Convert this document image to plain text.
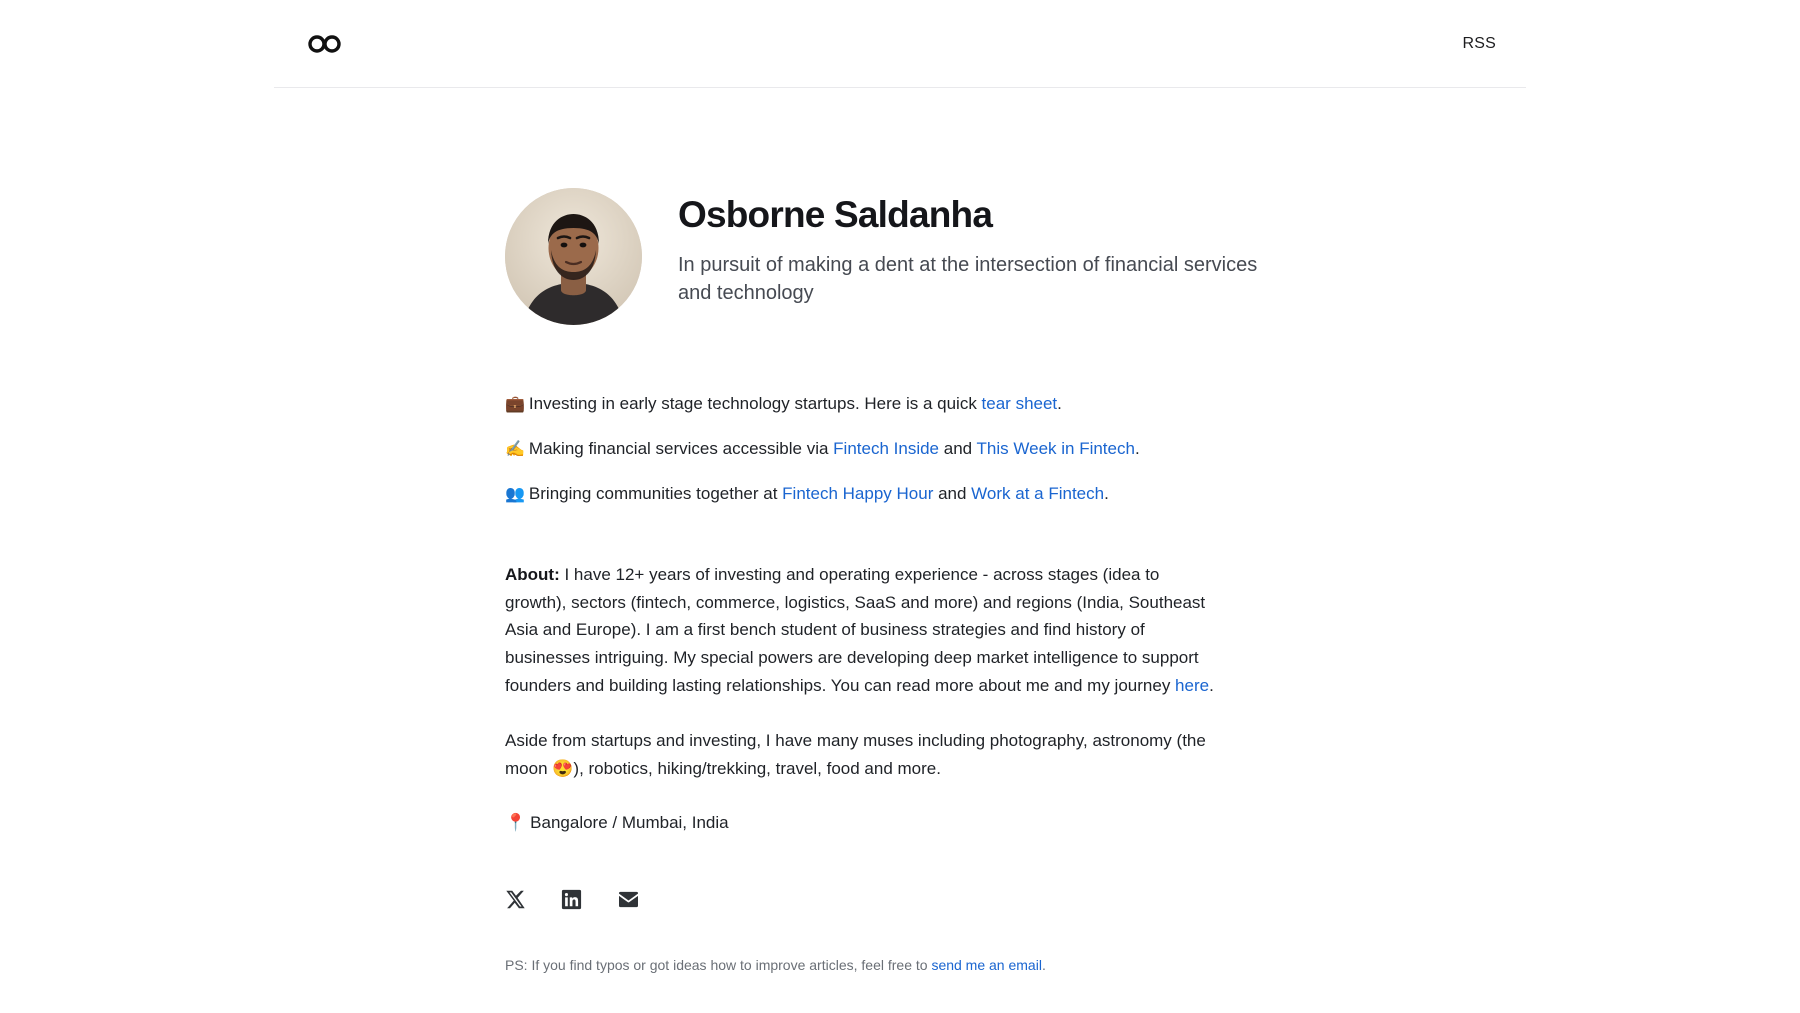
RSS
Osborne Saldanha

In pursuit of making a dent at the intersection of financial services and technology

💼 Investing in early stage technology startups. Here is a quick tear sheet.
✍️ Making financial services accessible via Fintech Inside and This Week in Fintech.
👥 Bringing communities together at Fintech Happy Hour and Work at a Fintech.

About: I have 12+ years of investing and operating experience - across stages (idea to growth), sectors (fintech, commerce, logistics, SaaS and more) and regions (India, Southeast Asia and Europe). I am a first bench student of business strategies and find history of businesses intriguing. My special powers are developing deep market intelligence to support founders and building lasting relationships. You can read more about me and my journey here.

Aside from startups and investing, I have many muses including photography, astronomy (the moon 😍), robotics, hiking/trekking, travel, food and more.

📍 Bangalore / Mumbai, India
PS: If you find typos or got ideas how to improve articles, feel free to send me an email.
